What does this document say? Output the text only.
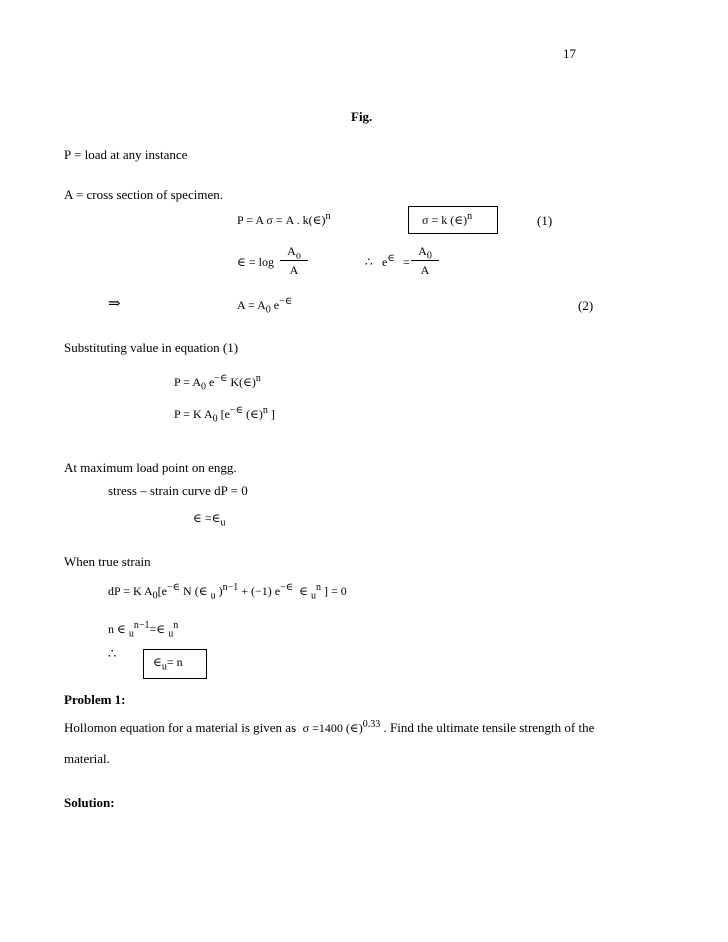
17
Fig.
P = load at any instance
A = cross section of specimen.
P = A σ = A . k(∈)$^n$	σ = k (∈)$^n$	(1)
∈ = $\log \frac{A_o}{A}$	∴ $e^\in = \frac{A_0}{A}$
⇒	$A = A_0$ e−∈	(2)
Substituting value in equation (1)
$P = A_0$ e−∈ K(∈)$^n$
P = K $A_0$ [e−∈ (∈)$^n$ ]
At maximum load point on engg.
stress – strain curve dP = 0
∈ $=\in_u$
When true strain
dP = K $A_0[e^{-\in}$ N (∈ $_u$ )$^{n-1}$ + (−1) e−∈ ∈ $_u^n$ ] = 0
n ∈ $_u^{n-1}$=∈ $_u^n$
∴
$\in_u= n$
Problem 1:
Hollomon equation for a material is given as σ =1400 (∈)$^{0.33}$ . Find the ultimate tensile strength of the
material.
Solution:
